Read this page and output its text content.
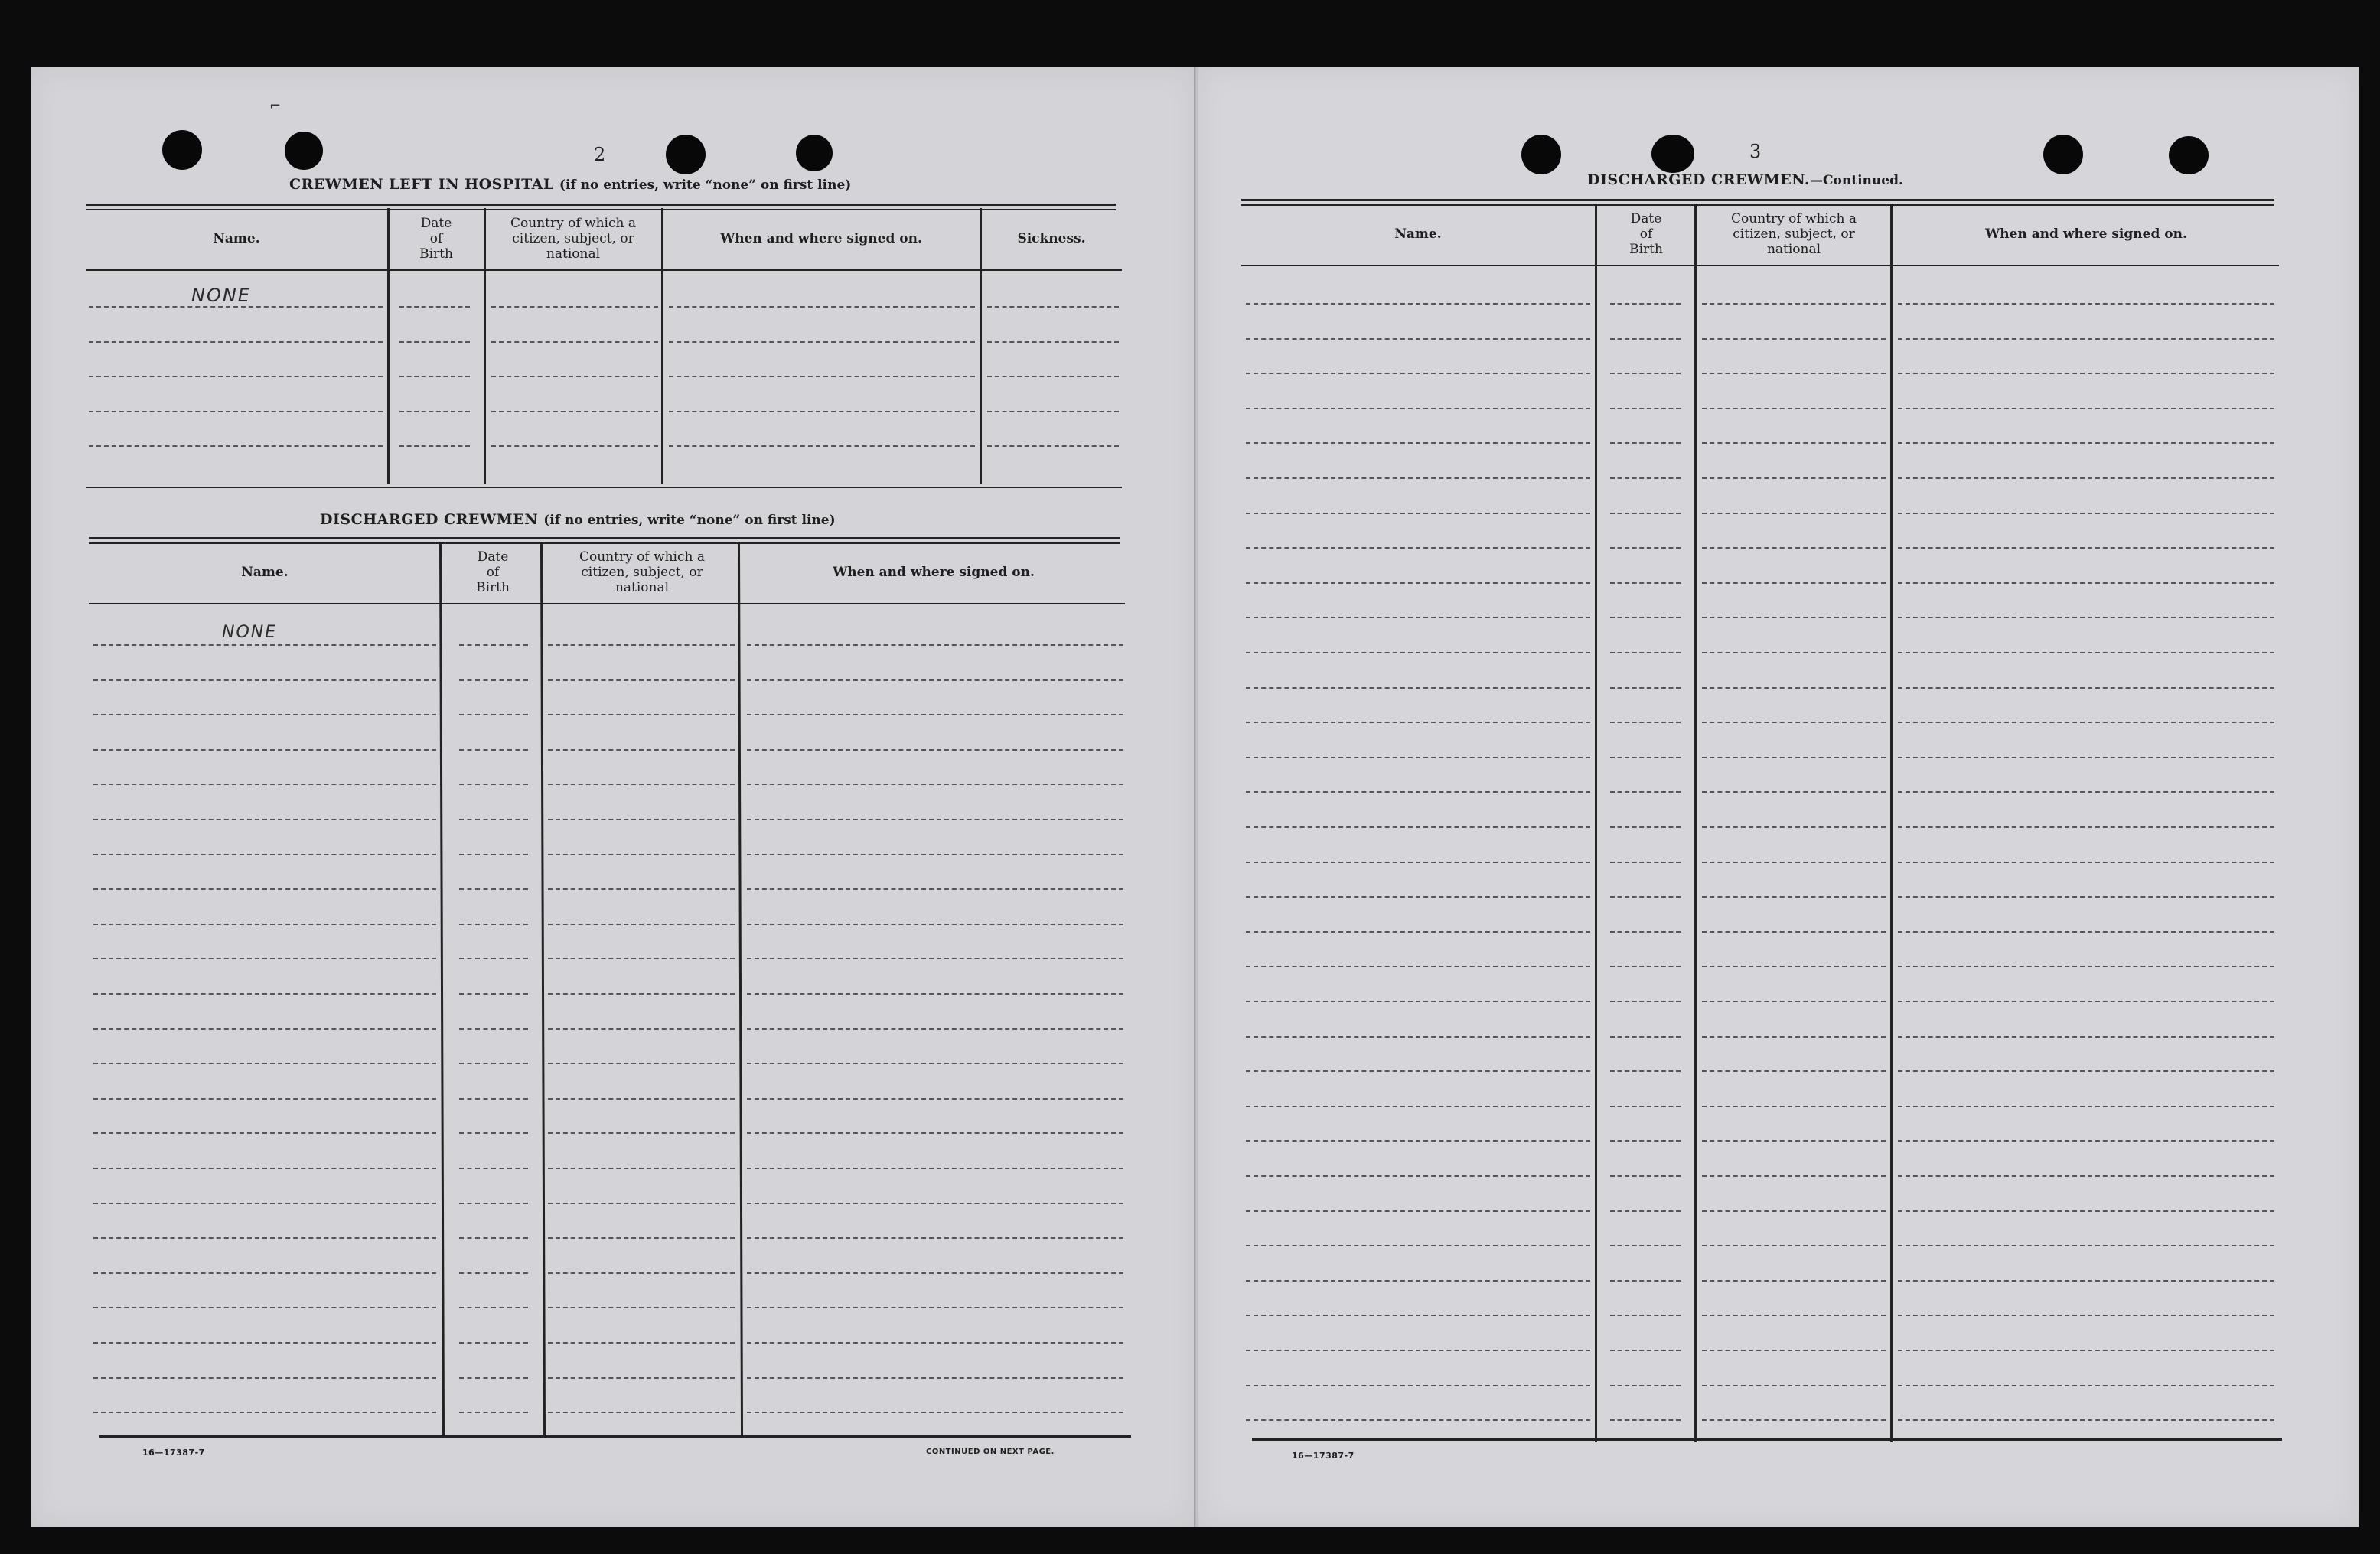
⌐
2
CREWMEN LEFT IN HOSPITAL (if no entries, write “none” on first line)
Name.
Date
of
Birth
Country of which a
citizen, subject, or
national
When and where signed on.	Sickness.
NONE
DISCHARGED CREWMEN (if no entries, write “none” on first line)
Name.
Date
of
Birth
Country of which a
citizen, subject, or
national
When and where signed on.
NONE
16—17387-7	CONTINUED ON NEXT PAGE.
3
DISCHARGED CREWMEN.—Continued.
Name.
Date
of
Birth
Country of which a
citizen, subject, or
national
When and where signed on.
16—17387-7
